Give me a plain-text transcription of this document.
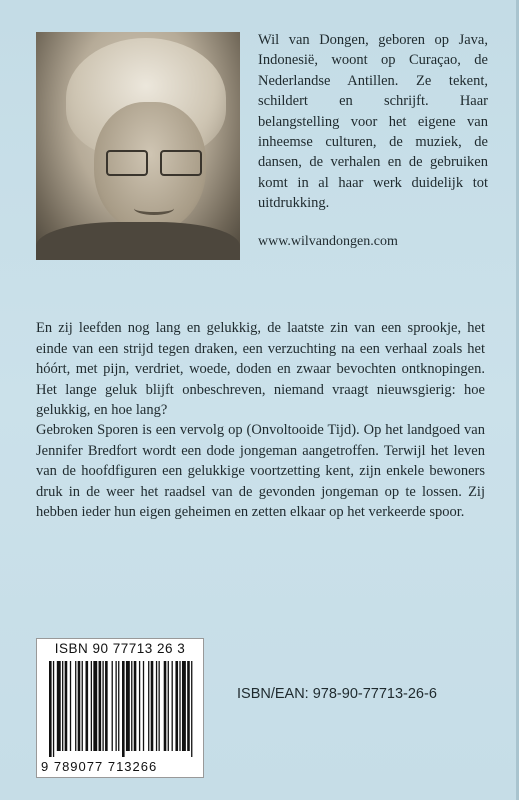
Wil van Dongen, geboren op Java, Indonesië, woont op Curaçao, de Nederlandse Antillen. Ze tekent, schildert en schrijft. Haar belangstelling voor het eigene van inheemse culturen, de muziek, de dansen, de verhalen en de gebruiken komt in al haar werk duidelijk tot uitdrukking.

www.wilvandongen.com

En zij leefden nog lang en gelukkig, de laatste zin van een sprookje, het einde van een strijd tegen draken, een verzuchting na een verhaal zoals het hóórt, met pijn, verdriet, woede, doden en zwaar bevochten ontknopingen. Het lange geluk blijft onbeschreven, niemand vraagt nieuwsgierig: hoe gelukkig, en hoe lang?

Gebroken Sporen is een vervolg op (Onvoltooide Tijd). Op het landgoed van Jennifer Bredfort wordt een dode jongeman aangetroffen. Terwijl het leven van de hoofdfiguren een gelukkige voortzetting kent, zijn enkele bewoners druk in de weer het raadsel van de gevonden jongeman op te lossen. Zij hebben ieder hun eigen geheimen en zetten elkaar op het verkeerde spoor.

ISBN 90 77713 26 3
9 789077 713266

ISBN/EAN: 978-90-77713-26-6
